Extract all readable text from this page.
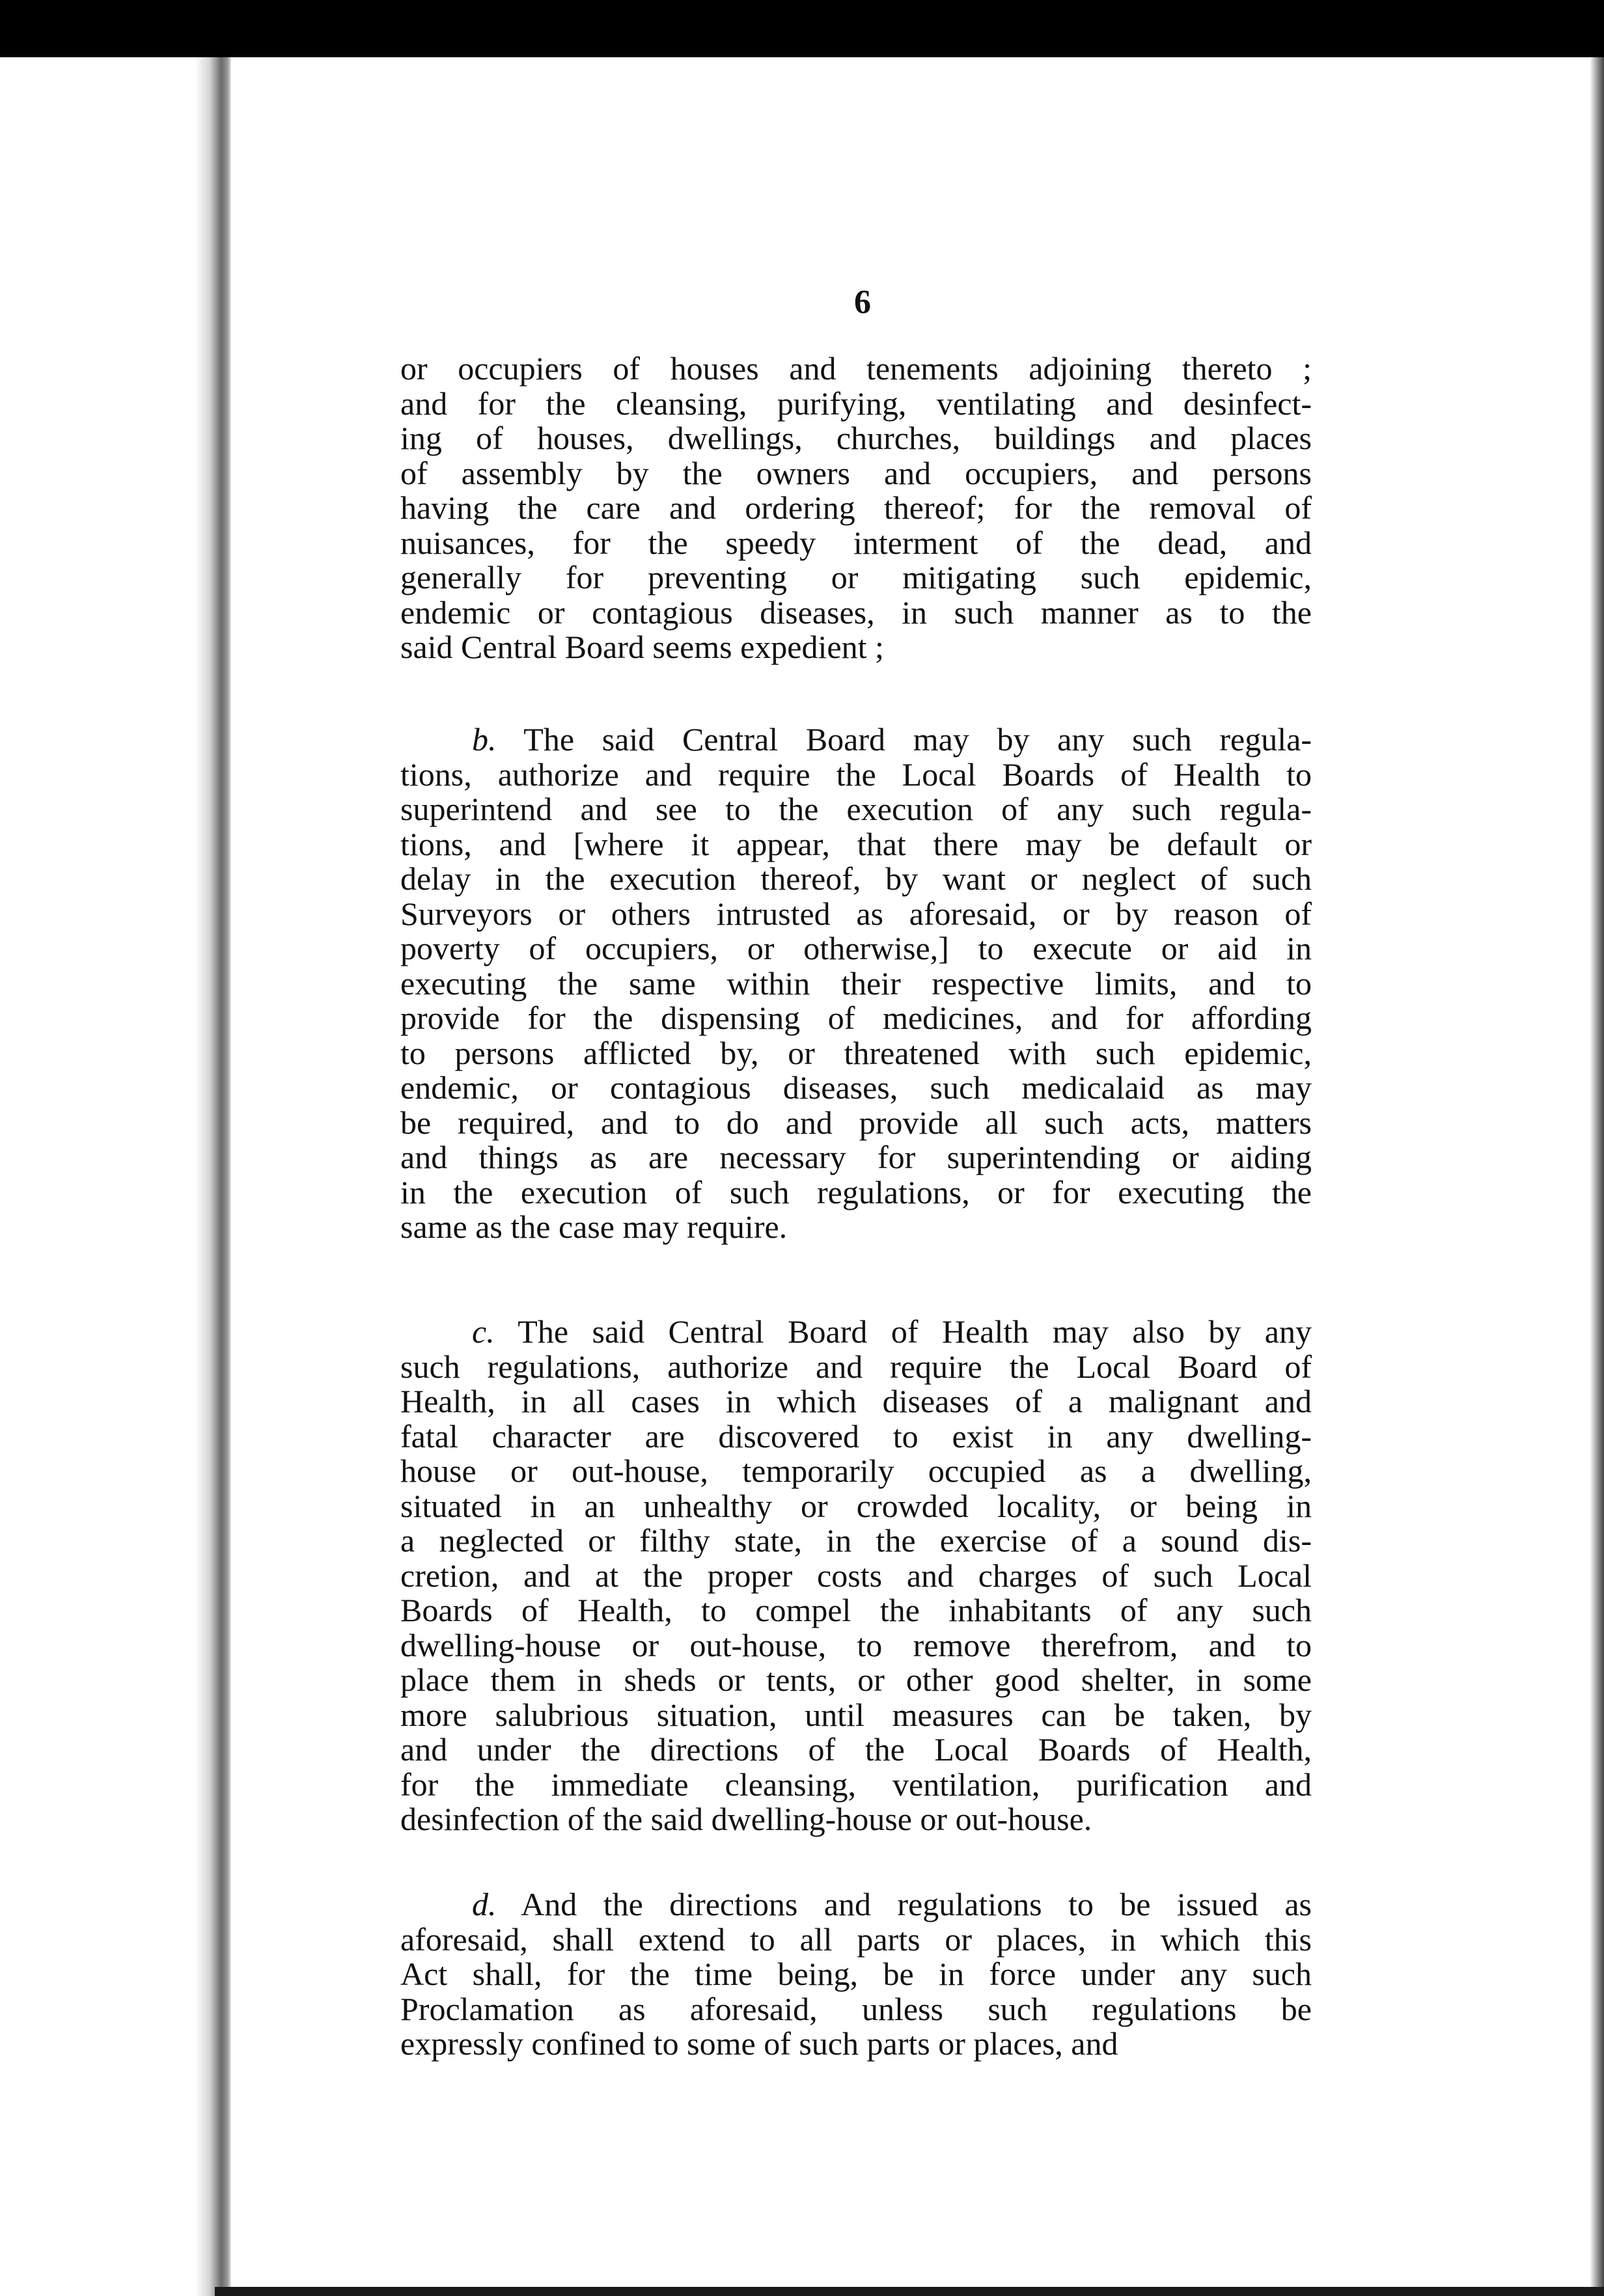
6
or occupiers of houses and tenements adjoining thereto ;
and for the cleansing, purifying, ventilating and desinfect-
ing of houses, dwellings, churches, buildings and places
of assembly by the owners and occupiers, and persons
having the care and ordering thereof; for the removal of
nuisances, for the speedy interment of the dead, and
generally for preventing or mitigating such epidemic,
endemic or contagious diseases, in such manner as to the
said Central Board seems expedient ;
b. The said Central Board may by any such regula-
tions, authorize and require the Local Boards of Health to
superintend and see to the execution of any such regula-
tions, and [where it appear, that there may be default or
delay in the execution thereof, by want or neglect of such
Surveyors or others intrusted as aforesaid, or by reason of
poverty of occupiers, or otherwise,] to execute or aid in
executing the same within their respective limits, and to
provide for the dispensing of medicines, and for affording
to persons afflicted by, or threatened with such epidemic,
endemic, or contagious diseases, such medicalaid as may
be required, and to do and provide all such acts, matters
and things as are necessary for superintending or aiding
in the execution of such regulations, or for executing the
same as the case may require.
c. The said Central Board of Health may also by any
such regulations, authorize and require the Local Board of
Health, in all cases in which diseases of a malignant and
fatal character are discovered to exist in any dwelling-
house or out-house, temporarily occupied as a dwelling,
situated in an unhealthy or crowded locality, or being in
a neglected or filthy state, in the exercise of a sound dis-
cretion, and at the proper costs and charges of such Local
Boards of Health, to compel the inhabitants of any such
dwelling-house or out-house, to remove therefrom, and to
place them in sheds or tents, or other good shelter, in some
more salubrious situation, until measures can be taken, by
and under the directions of the Local Boards of Health,
for the immediate cleansing, ventilation, purification and
desinfection of the said dwelling-house or out-house.
d. And the directions and regulations to be issued as
aforesaid, shall extend to all parts or places, in which this
Act shall, for the time being, be in force under any such
Proclamation as aforesaid, unless such regulations be
expressly confined to some of such parts or places, and
